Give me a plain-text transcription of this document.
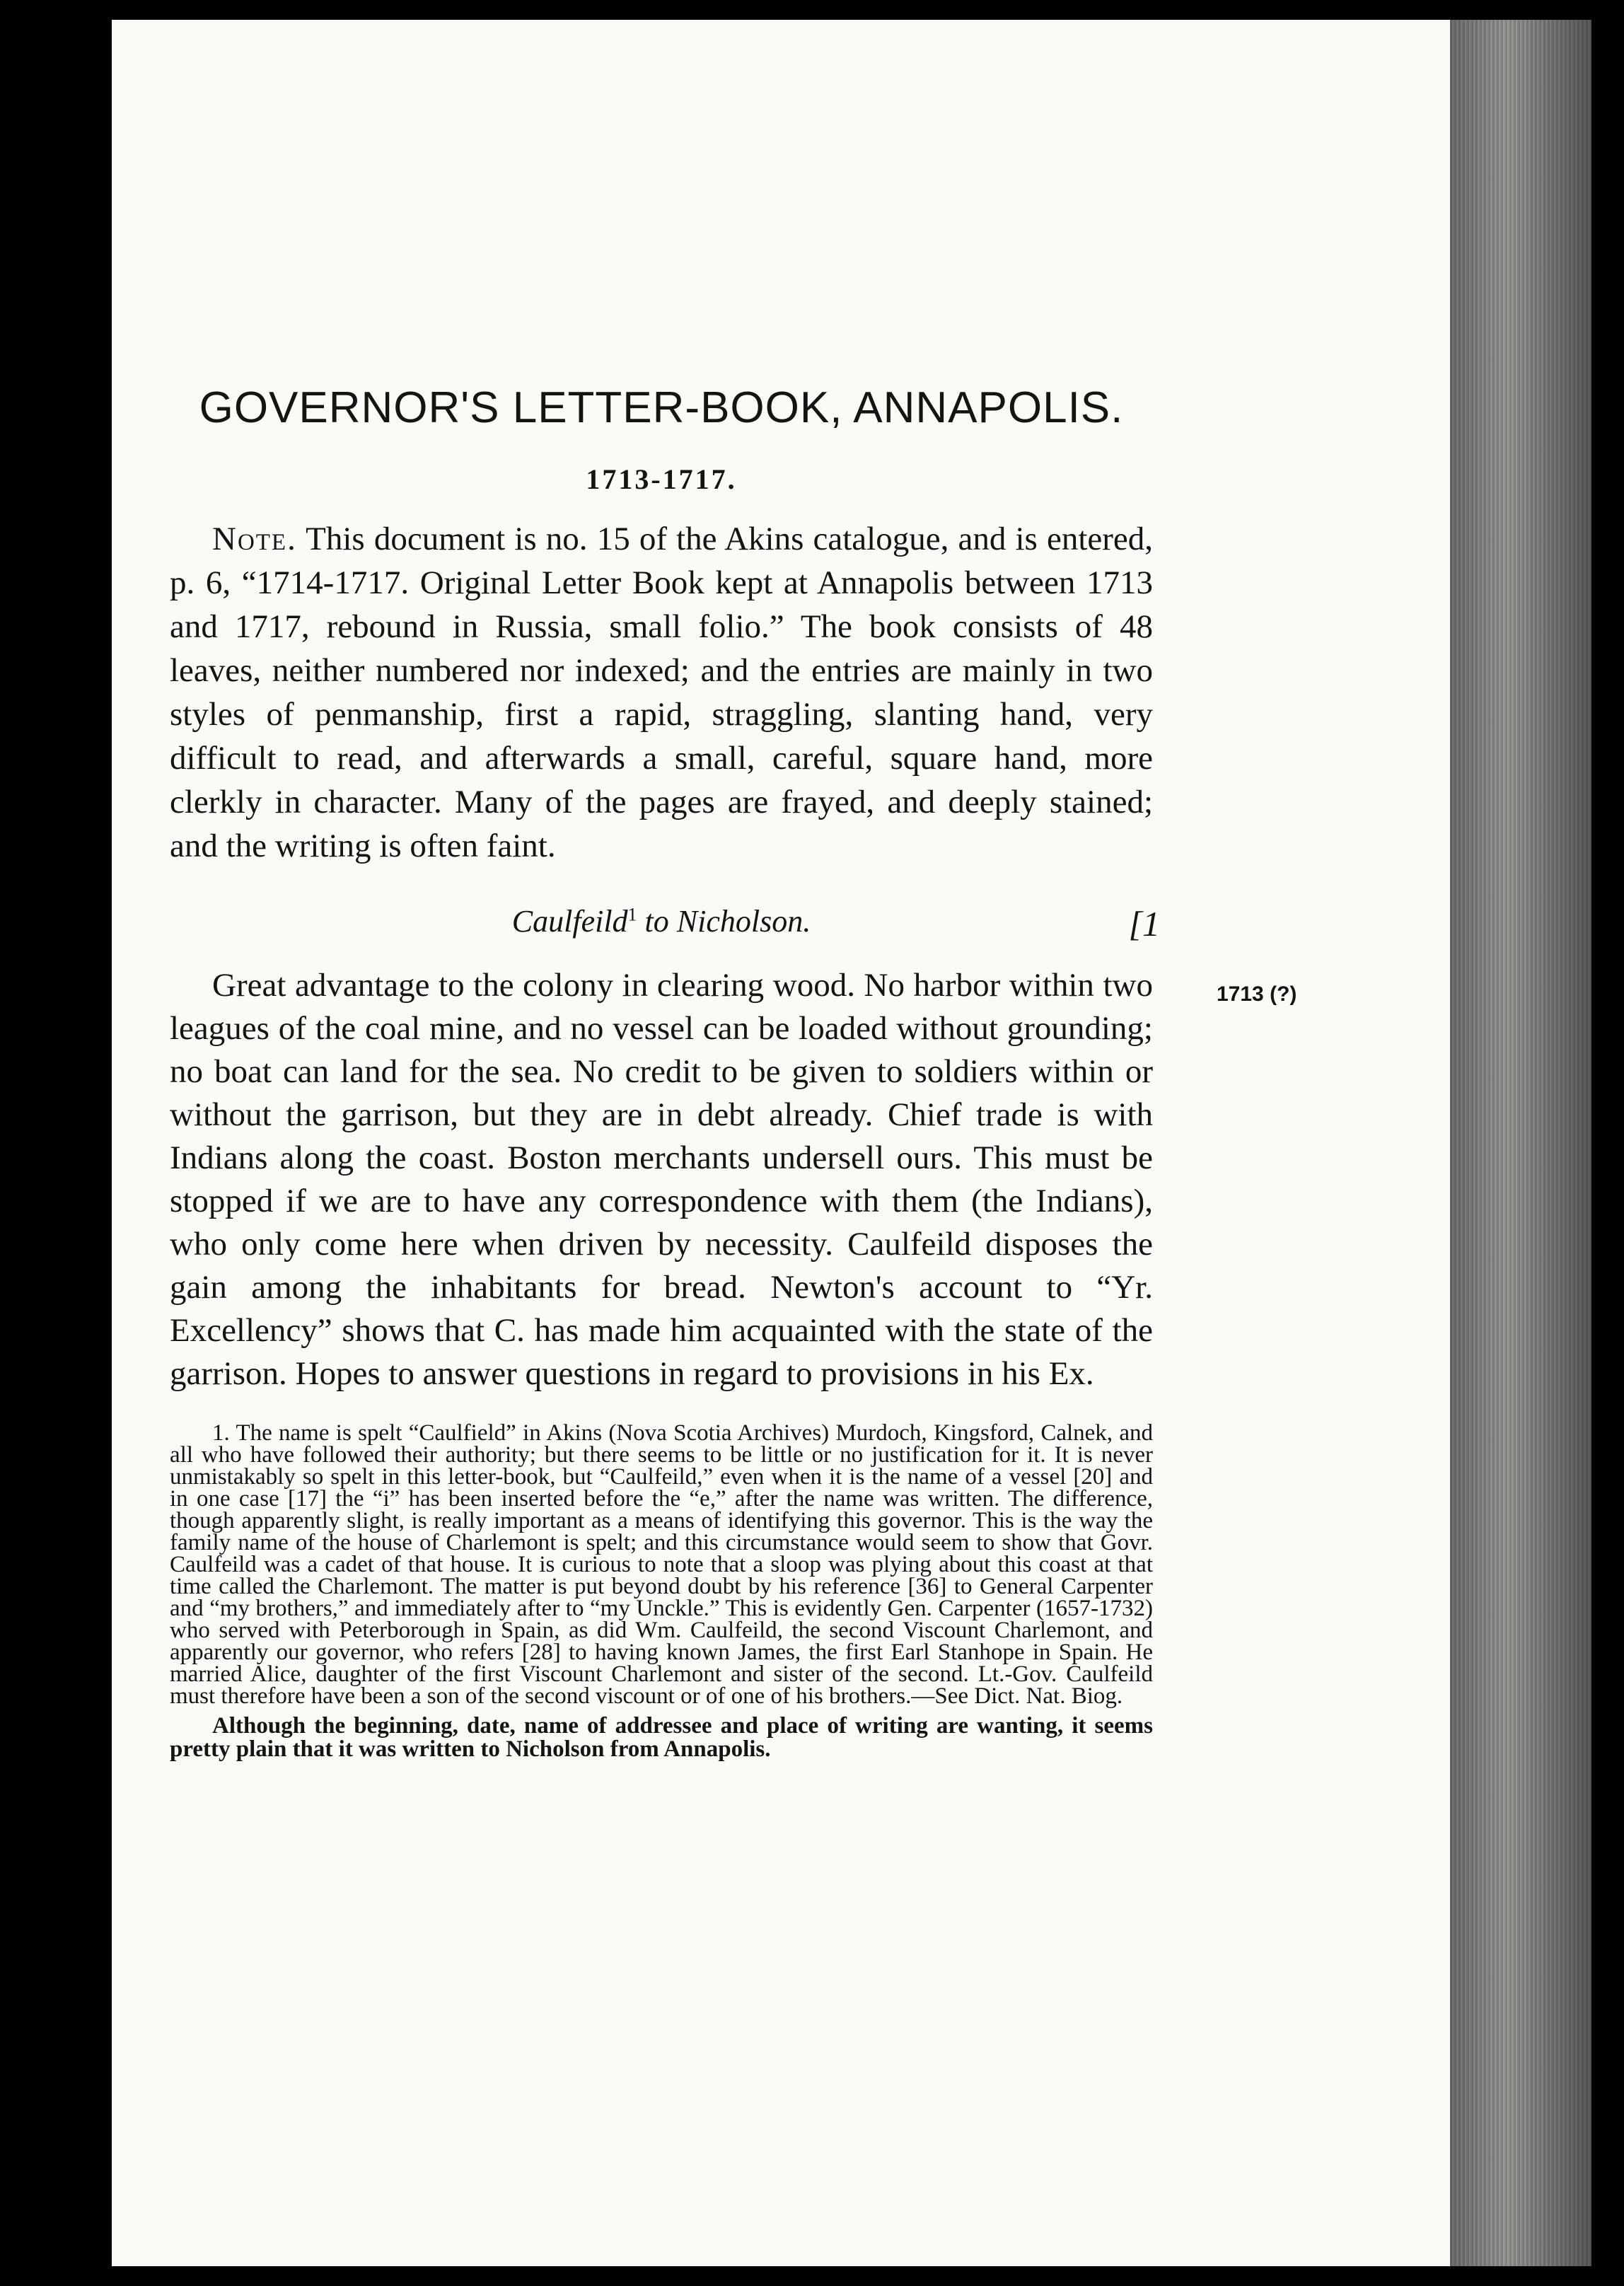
GOVERNOR'S LETTER-BOOK, ANNAPOLIS.
1713-1717.

Note. This document is no. 15 of the Akins catalogue, and is entered, p. 6, “1714-1717. Original Letter Book kept at Annapolis between 1713 and 1717, rebound in Russia, small folio.” The book consists of 48 leaves, neither numbered nor indexed; and the entries are mainly in two styles of penmanship, first a rapid, straggling, slanting hand, very difficult to read, and afterwards a small, careful, square hand, more clerkly in character. Many of the pages are frayed, and deeply stained; and the writing is often faint.

Caulfeild$^1$ to Nicholson.	[1

1713 (?)
Great advantage to the colony in clearing wood. No harbor within two leagues of the coal mine, and no vessel can be loaded without grounding; no boat can land for the sea. No credit to be given to soldiers within or without the garrison, but they are in debt already. Chief trade is with Indians along the coast. Boston merchants undersell ours. This must be stopped if we are to have any correspondence with them (the Indians), who only come here when driven by necessity. Caulfeild disposes the gain among the inhabitants for bread. Newton's account to “Yr. Excellency” shows that C. has made him acquainted with the state of the garrison. Hopes to answer questions in regard to provisions in his Ex.

1. The name is spelt “Caulfield” in Akins (Nova Scotia Archives) Murdoch, Kingsford, Calnek, and all who have followed their authority; but there seems to be little or no justification for it. It is never unmistakably so spelt in this letter-book, but “Caulfeild,” even when it is the name of a vessel [20] and in one case [17] the “i” has been inserted before the “e,” after the name was written. The difference, though apparently slight, is really important as a means of identifying this governor. This is the way the family name of the house of Charlemont is spelt; and this circumstance would seem to show that Govr. Caulfeild was a cadet of that house. It is curious to note that a sloop was plying about this coast at that time called the Charlemont. The matter is put beyond doubt by his reference [36] to General Carpenter and “my brothers,” and immediately after to “my Unckle.” This is evidently Gen. Carpenter (1657-1732) who served with Peterborough in Spain, as did Wm. Caulfeild, the second Viscount Charlemont, and apparently our governor, who refers [28] to having known James, the first Earl Stanhope in Spain. He married Alice, daughter of the first Viscount Charlemont and sister of the second. Lt.-Gov. Caulfeild must therefore have been a son of the second viscount or of one of his brothers.—See Dict. Nat. Biog.

Although the beginning, date, name of addressee and place of writing are wanting, it seems pretty plain that it was written to Nicholson from Annapolis.
